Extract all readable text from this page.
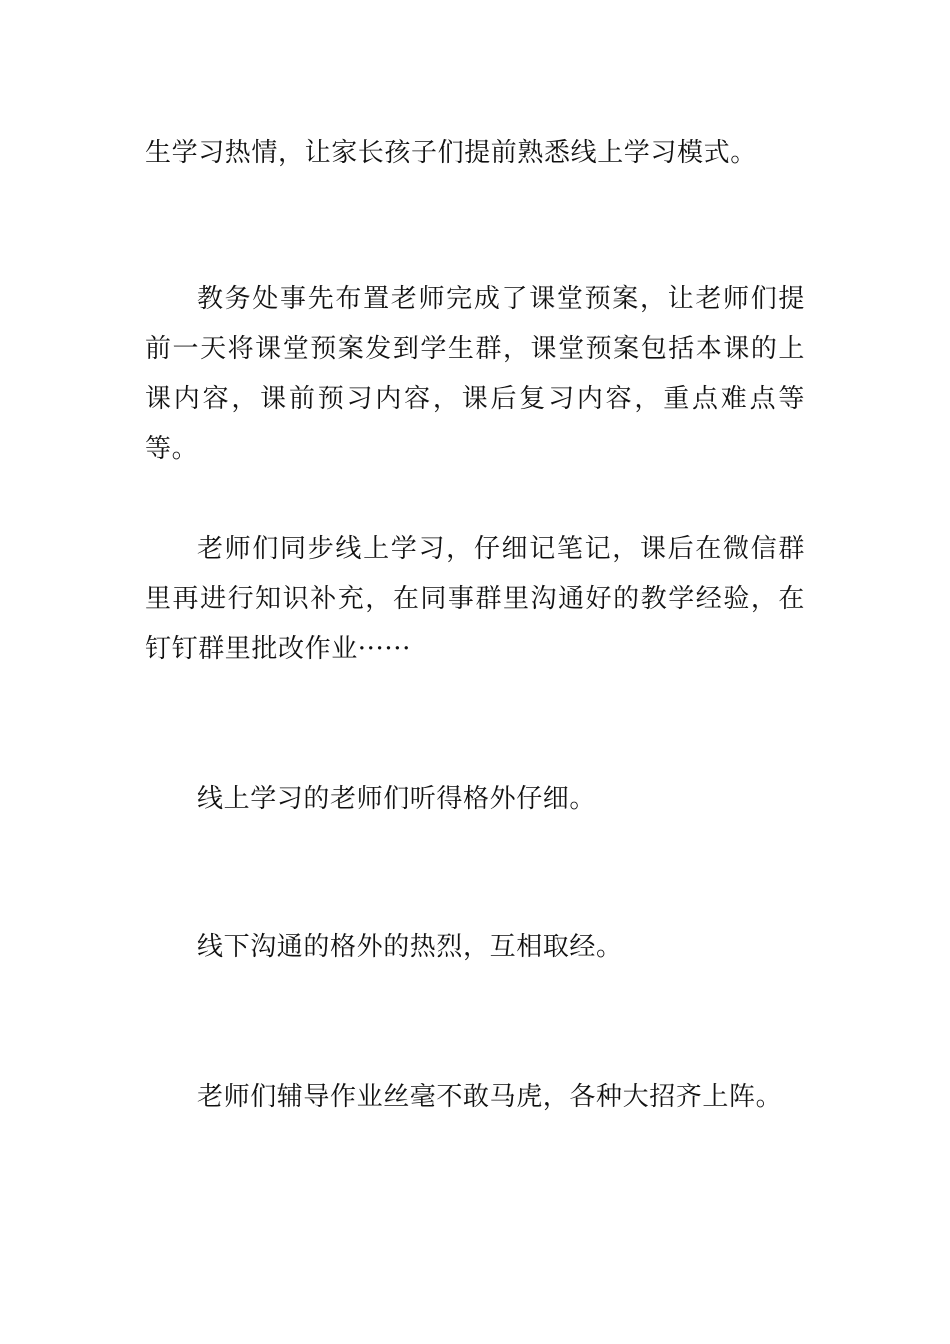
生学习热情，让家长孩子们提前熟悉线上学习模式。

教务处事先布置老师完成了课堂预案，让老师们提前一天将课堂预案发到学生群，课堂预案包括本课的上课内容，课前预习内容，课后复习内容，重点难点等等。

老师们同步线上学习，仔细记笔记，课后在微信群里再进行知识补充，在同事群里沟通好的教学经验，在钉钉群里批改作业······

线上学习的老师们听得格外仔细。

线下沟通的格外的热烈，互相取经。

老师们辅导作业丝毫不敢马虎，各种大招齐上阵。
